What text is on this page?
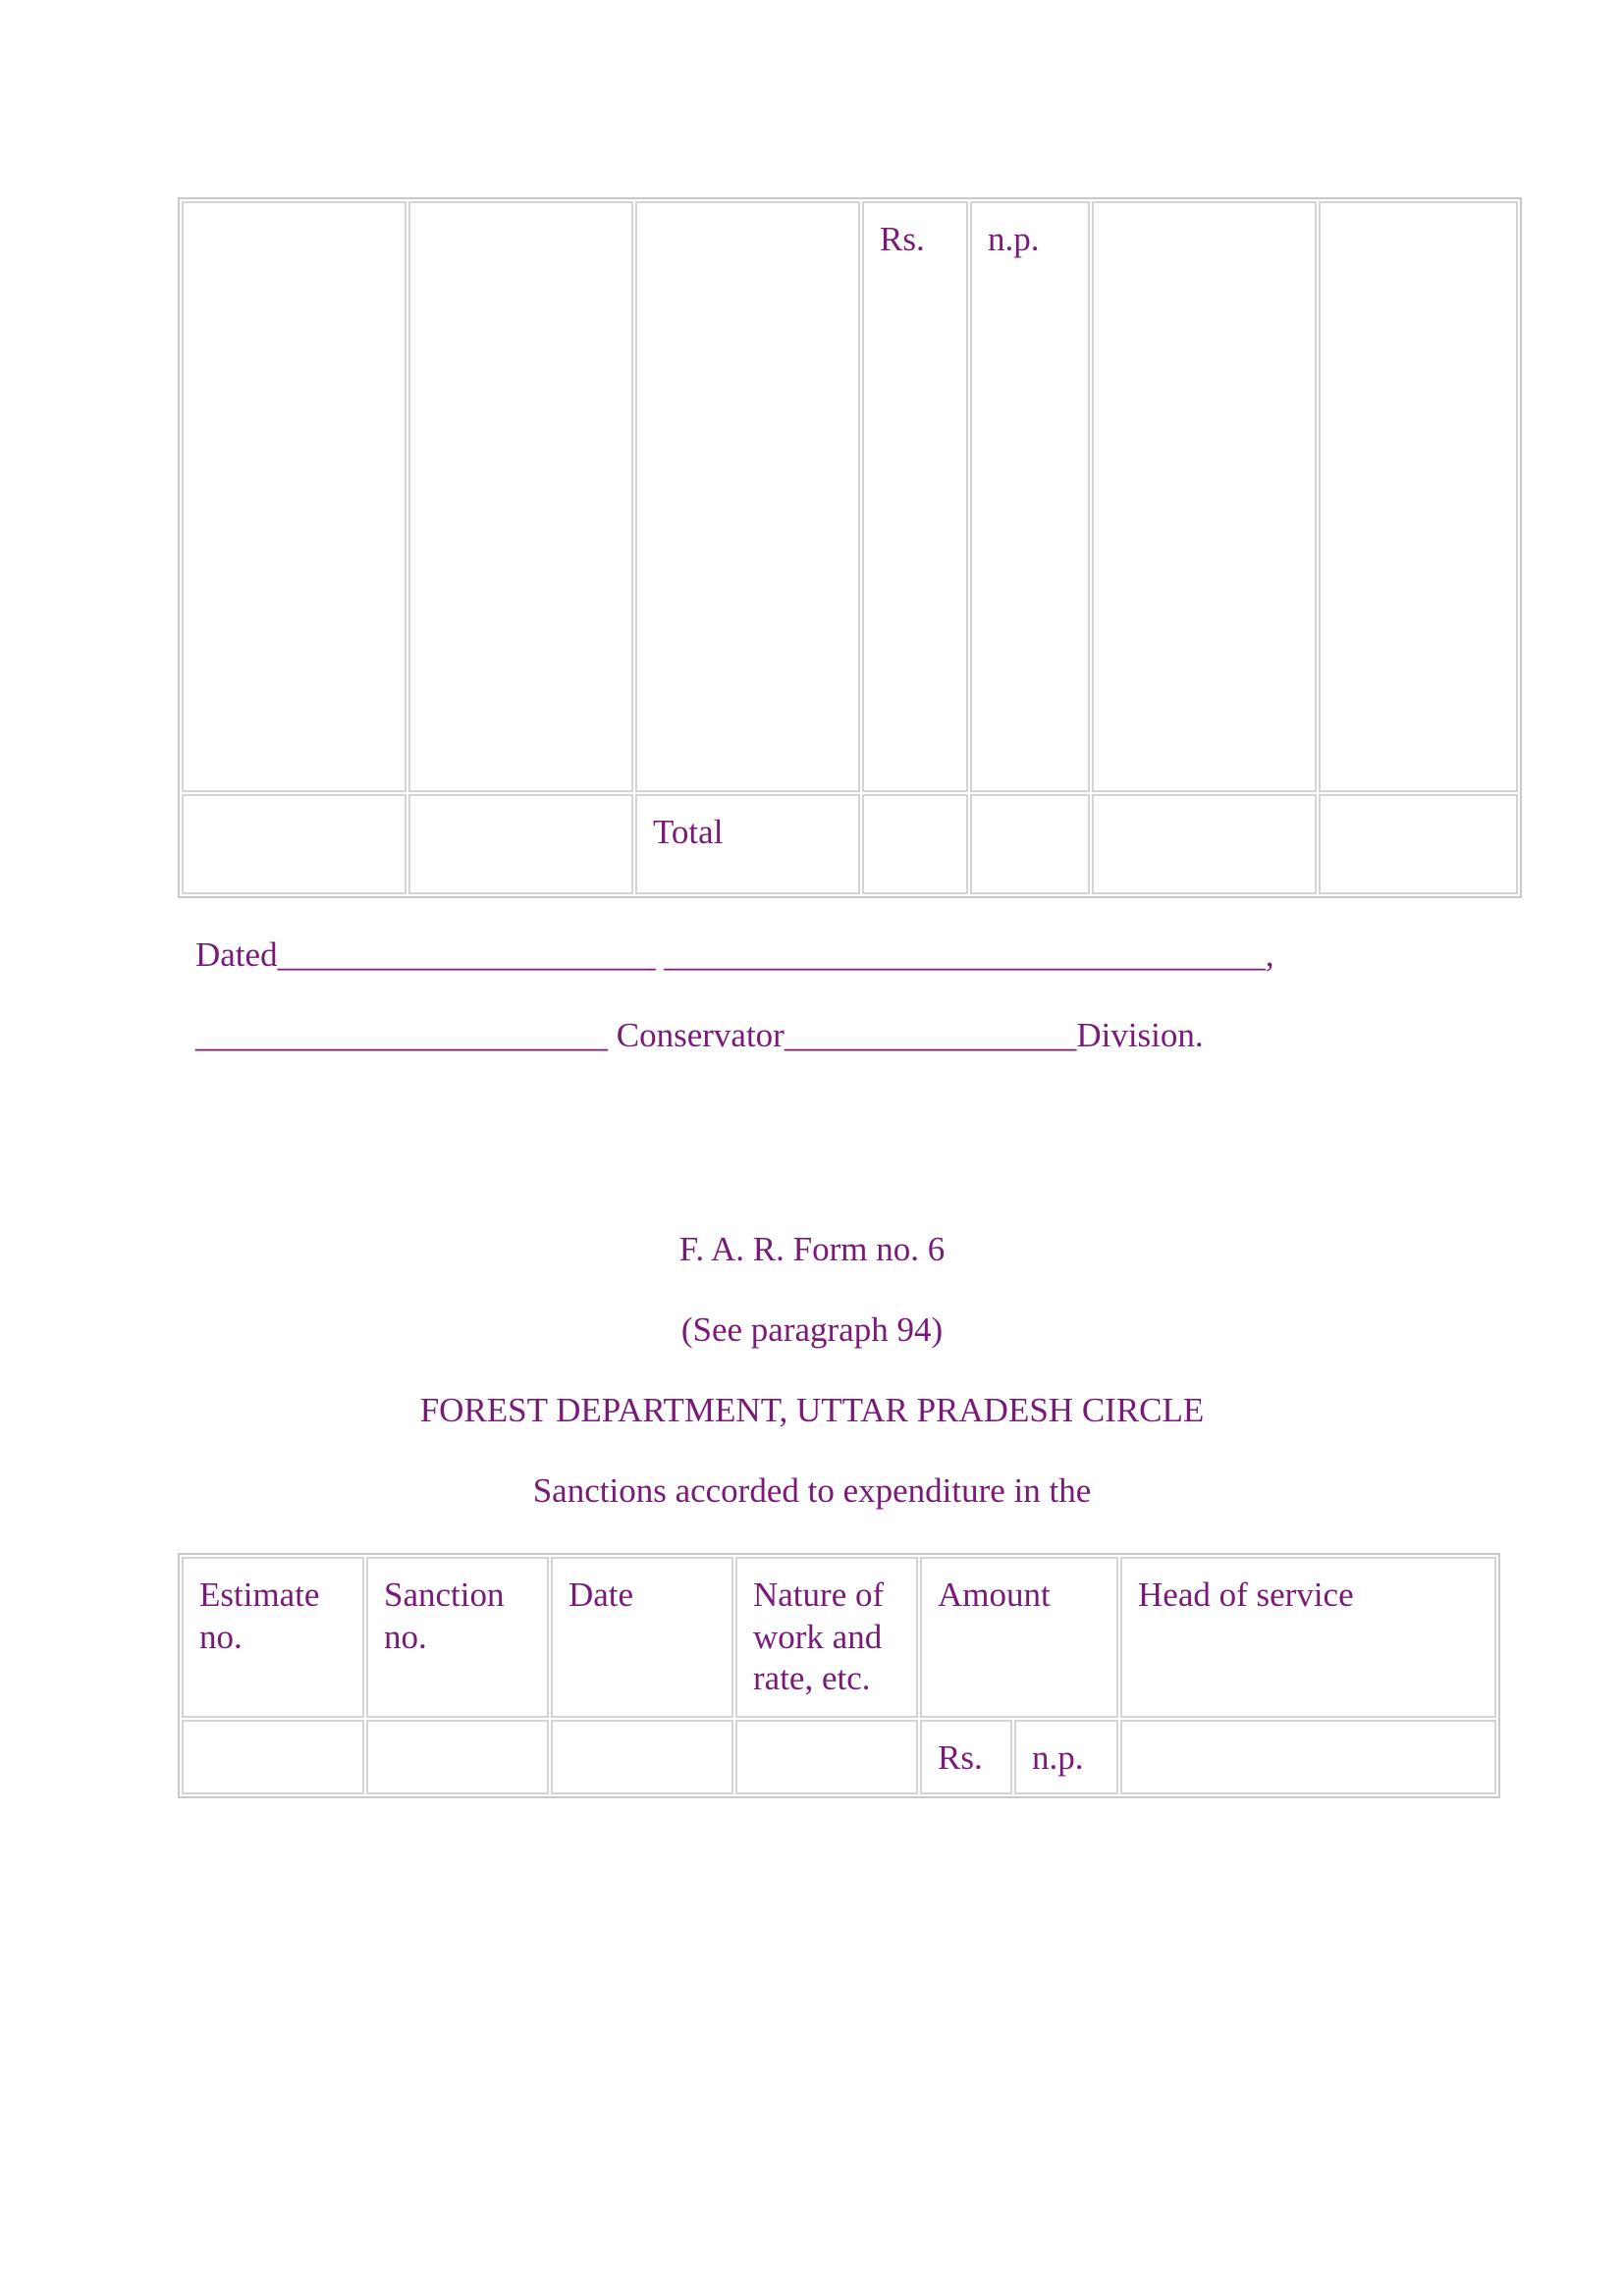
			Rs.	n.p.		
		Total				
Dated______________________ ___________________________________,
________________________ Conservator_________________Division.
F. A. R. Form no. 6
(See paragraph 94)
FOREST DEPARTMENT, UTTAR PRADESH CIRCLE
Sanctions accorded to expenditure in the
Estimate no.	Sanction no.	Date	Nature of work and rate, etc.	Amount		Head of service
				Rs.	n.p.	
